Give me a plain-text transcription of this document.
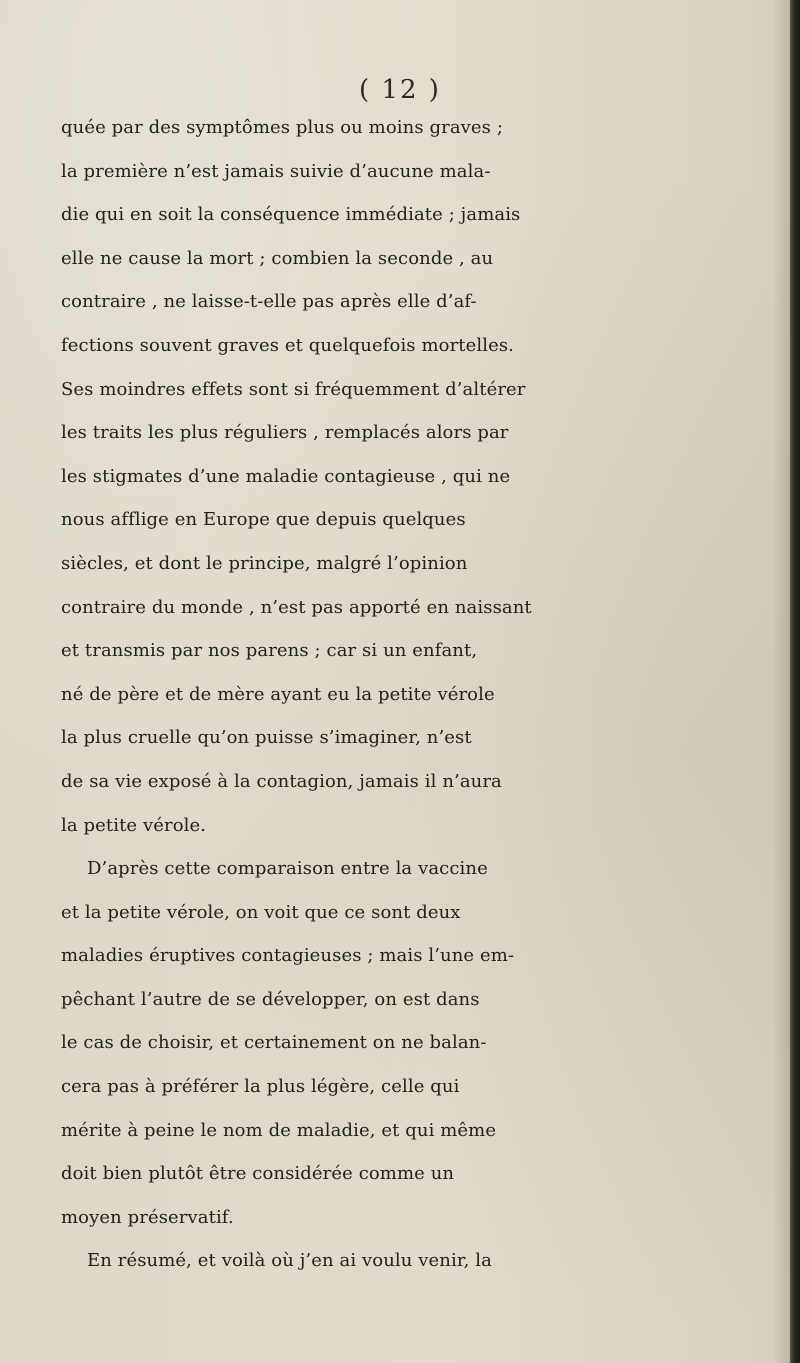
( 12 )
quée par des symptômes plus ou moins graves ;
la première n’est jamais suivie d’aucune mala-
die qui en soit la conséquence immédiate ; jamais
elle ne cause la mort ; combien la seconde , au
contraire , ne laisse-t-elle pas après elle d’af-
fections souvent graves et quelquefois mortelles.
Ses moindres effets sont si fréquemment d’altérer
les traits les plus réguliers , remplacés alors par
les stigmates d’une maladie contagieuse , qui ne
nous afflige en Europe que depuis quelques
siècles, et dont le principe, malgré l’opinion
contraire du monde , n’est pas apporté en naissant
et transmis par nos parens ; car si un enfant,
né de père et de mère ayant eu la petite vérole
la plus cruelle qu’on puisse s’imaginer, n’est
de sa vie exposé à la contagion, jamais il n’aura
la petite vérole.
D’après cette comparaison entre la vaccine
et la petite vérole, on voit que ce sont deux
maladies éruptives contagieuses ; mais l’une em-
pêchant l’autre de se développer, on est dans
le cas de choisir, et certainement on ne balan-
cera pas à préférer la plus légère, celle qui
mérite à peine le nom de maladie, et qui même
doit bien plutôt être considérée comme un
moyen préservatif.
En résumé, et voilà où j’en ai voulu venir, la
